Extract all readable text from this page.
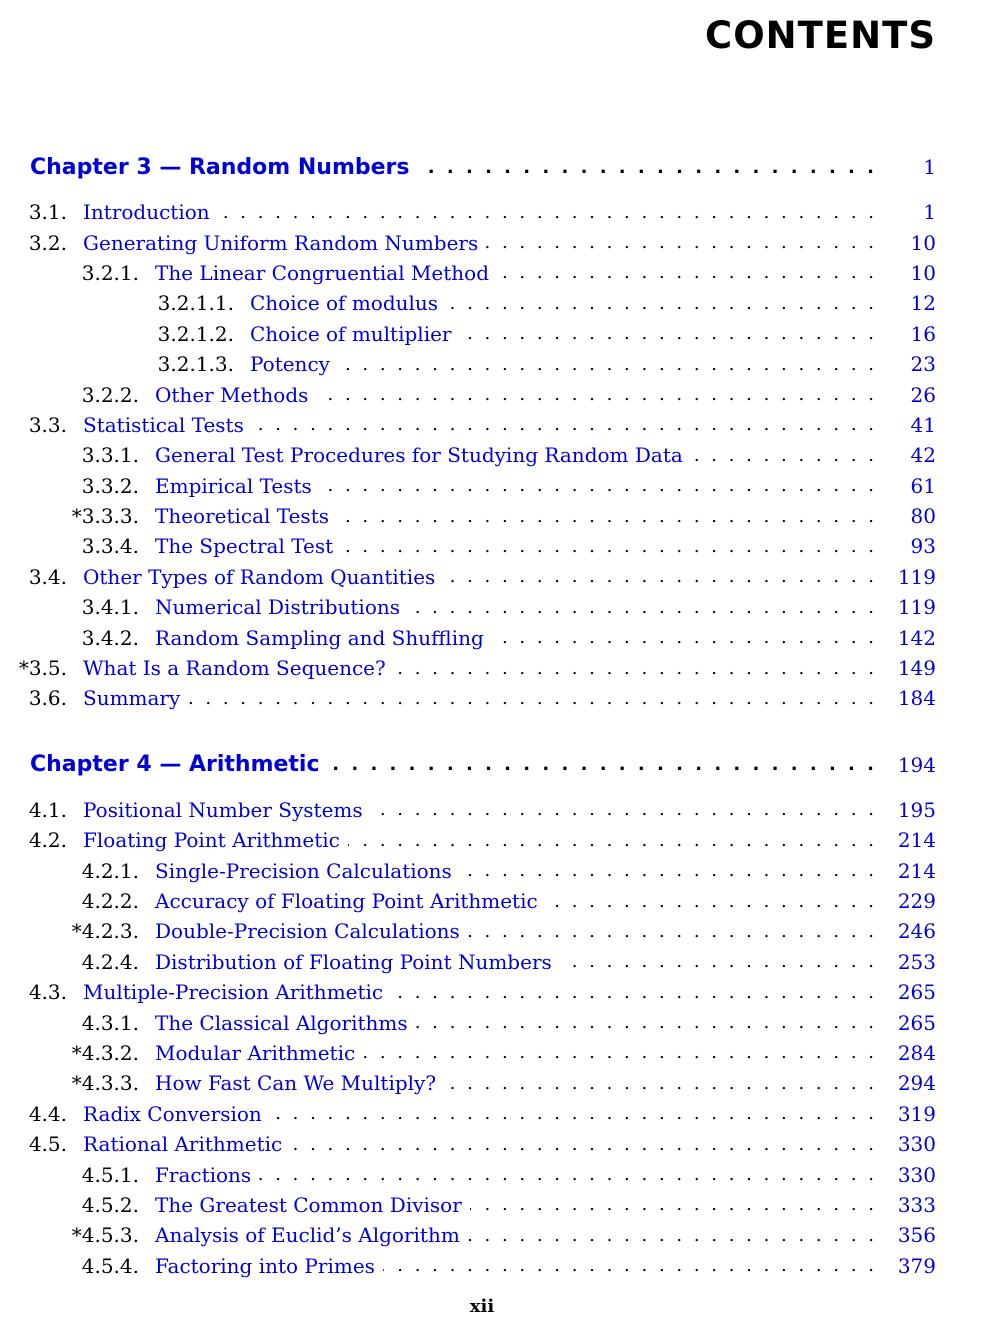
CONTENTS
Chapter 3 — Random Numbers . . .	1
3.1. Introduction . . .	1
3.2. Generating Uniform Random Numbers . . .	10
3.2.1. The Linear Congruential Method . . .	10
3.2.1.1. Choice of modulus . . .	12
3.2.1.2. Choice of multiplier . . .	16
3.2.1.3. Potency . . .	23
3.2.2. Other Methods . . .	26
3.3. Statistical Tests . . .	41
3.3.1. General Test Procedures for Studying Random Data . . .	42
3.3.2. Empirical Tests . . .	61
*3.3.3. Theoretical Tests . . .	80
3.3.4. The Spectral Test . . .	93
3.4. Other Types of Random Quantities . . .	119
3.4.1. Numerical Distributions . . .	119
3.4.2. Random Sampling and Shuffling . . .	142
*3.5. What Is a Random Sequence? . . .	149
3.6. Summary . . .	184
Chapter 4 — Arithmetic . . .	194
4.1. Positional Number Systems . . .	195
4.2. Floating Point Arithmetic . . .	214
4.2.1. Single-Precision Calculations . . .	214
4.2.2. Accuracy of Floating Point Arithmetic . . .	229
*4.2.3. Double-Precision Calculations . . .	246
4.2.4. Distribution of Floating Point Numbers . . .	253
4.3. Multiple-Precision Arithmetic . . .	265
4.3.1. The Classical Algorithms . . .	265
*4.3.2. Modular Arithmetic . . .	284
*4.3.3. How Fast Can We Multiply? . . .	294
4.4. Radix Conversion . . .	319
4.5. Rational Arithmetic . . .	330
4.5.1. Fractions . . .	330
4.5.2. The Greatest Common Divisor . . .	333
*4.5.3. Analysis of Euclid’s Algorithm . . .	356
4.5.4. Factoring into Primes . . .	379
xii
